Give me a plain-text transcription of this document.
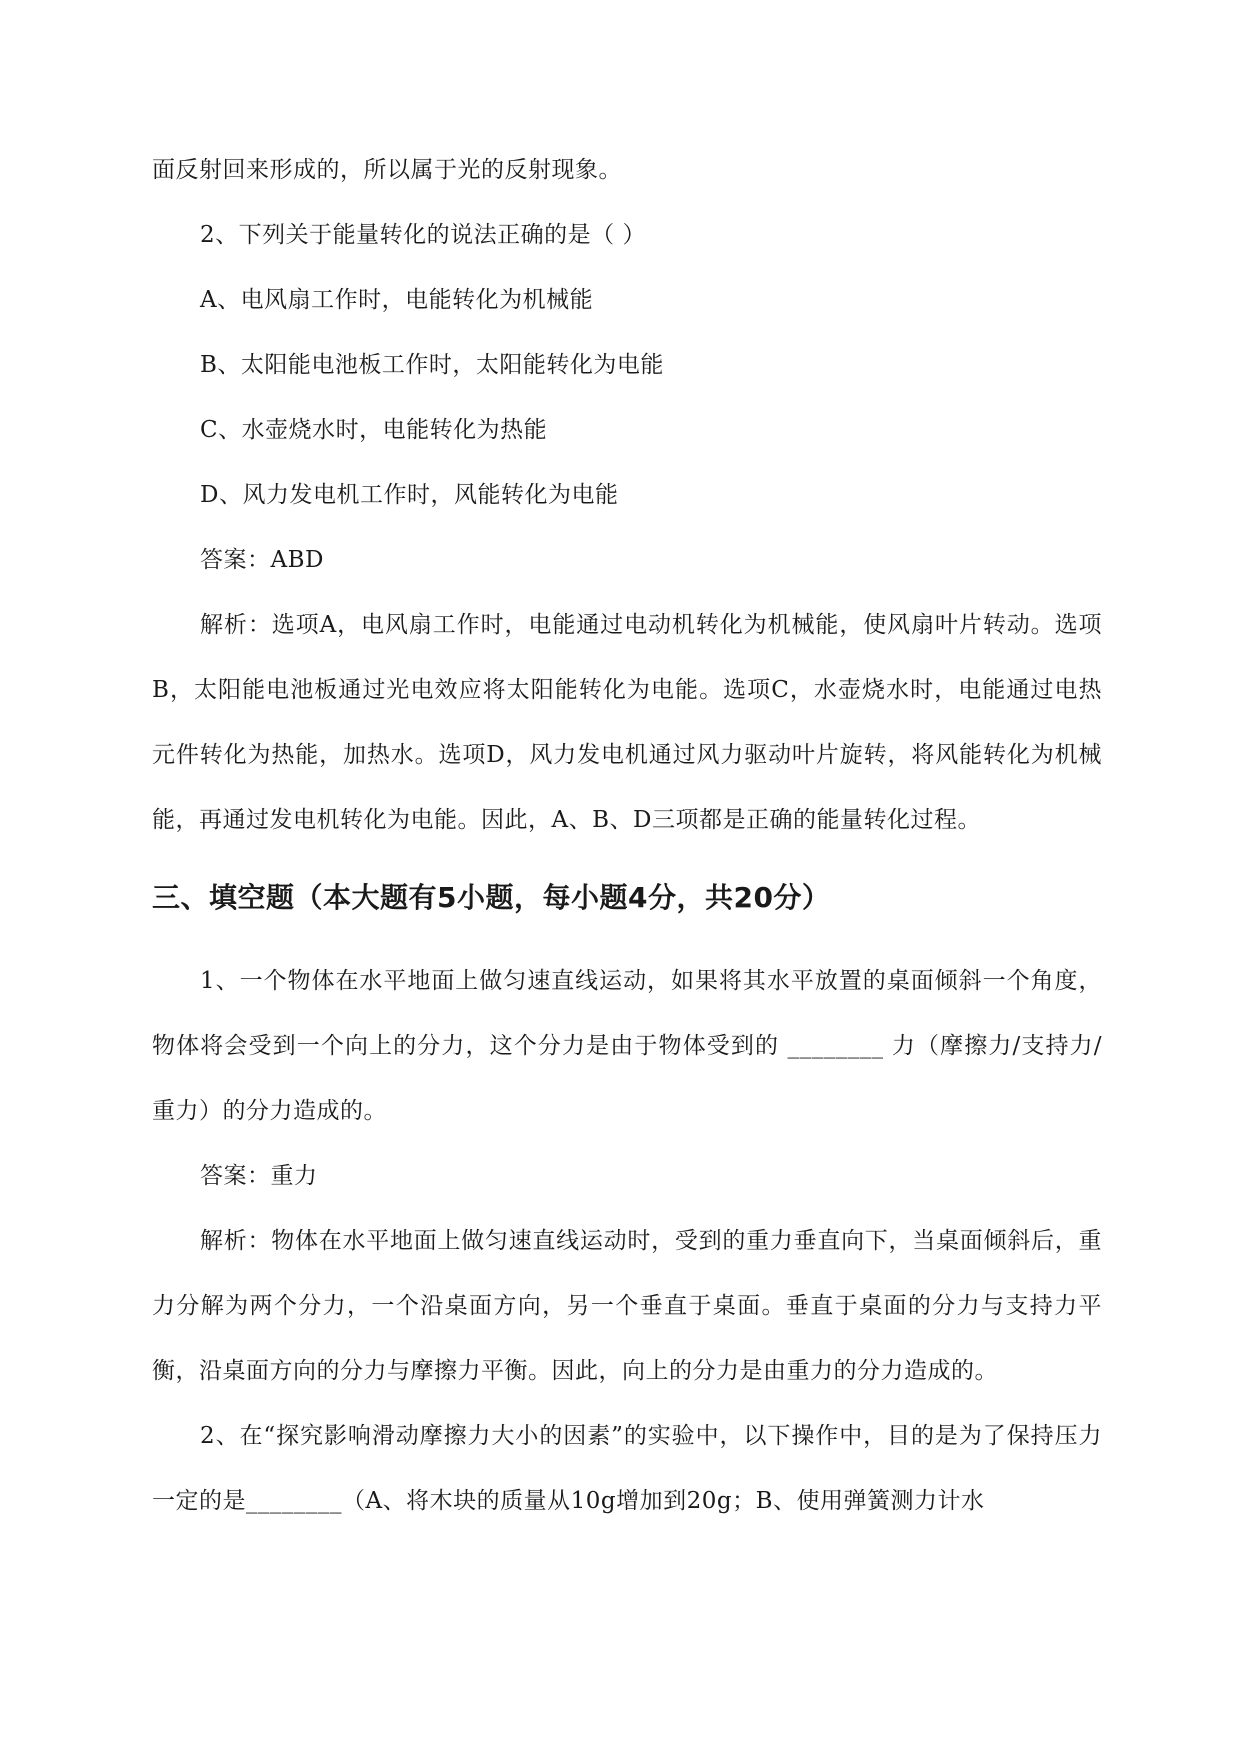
面反射回来形成的，所以属于光的反射现象。

2、下列关于能量转化的说法正确的是（ ）

A、电风扇工作时，电能转化为机械能

B、太阳能电池板工作时，太阳能转化为电能

C、水壶烧水时，电能转化为热能

D、风力发电机工作时，风能转化为电能

答案：ABD

解析：选项A，电风扇工作时，电能通过电动机转化为机械能，使风扇叶片转动。选项B，太阳能电池板通过光电效应将太阳能转化为电能。选项C，水壶烧水时，电能通过电热元件转化为热能，加热水。选项D，风力发电机通过风力驱动叶片旋转，将风能转化为机械能，再通过发电机转化为电能。因此，A、B、D三项都是正确的能量转化过程。

三、填空题（本大题有5小题，每小题4分，共20分）

1、一个物体在水平地面上做匀速直线运动，如果将其水平放置的桌面倾斜一个角度，物体将会受到一个向上的分力，这个分力是由于物体受到的 ________ 力（摩擦力/支持力/重力）的分力造成的。

答案：重力

解析：物体在水平地面上做匀速直线运动时，受到的重力垂直向下，当桌面倾斜后，重力分解为两个分力，一个沿桌面方向，另一个垂直于桌面。垂直于桌面的分力与支持力平衡，沿桌面方向的分力与摩擦力平衡。因此，向上的分力是由重力的分力造成的。

2、在“探究影响滑动摩擦力大小的因素”的实验中，以下操作中，目的是为了保持压力一定的是________（A、将木块的质量从10g增加到20g；B、使用弹簧测力计水
